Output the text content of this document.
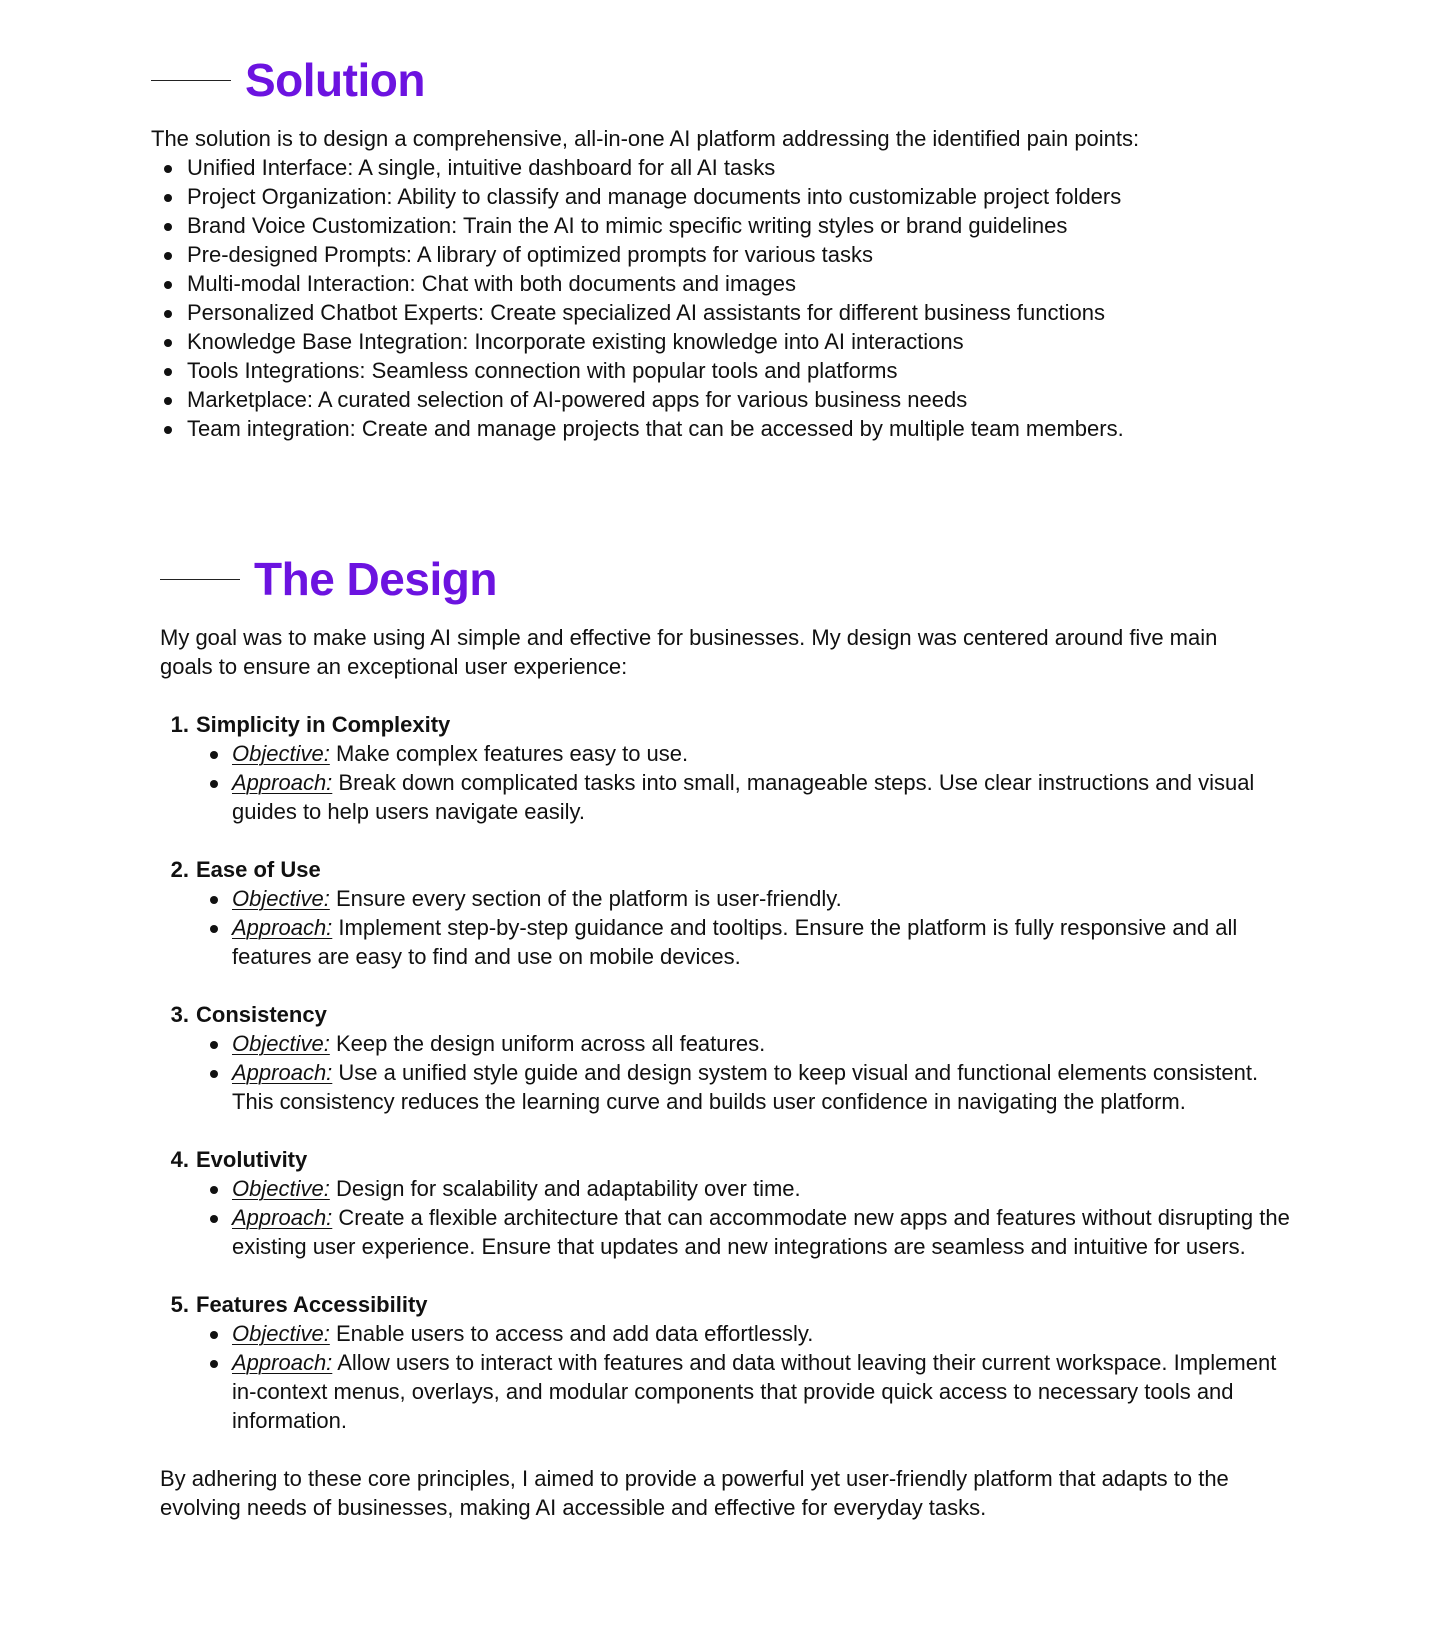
Solution

The solution is to design a comprehensive, all-in-one AI platform addressing the identified pain points:

Unified Interface: A single, intuitive dashboard for all AI tasks
Project Organization: Ability to classify and manage documents into customizable project folders
Brand Voice Customization: Train the AI to mimic specific writing styles or brand guidelines
Pre-designed Prompts: A library of optimized prompts for various tasks
Multi-modal Interaction: Chat with both documents and images
Personalized Chatbot Experts: Create specialized AI assistants for different business functions
Knowledge Base Integration: Incorporate existing knowledge into AI interactions
Tools Integrations: Seamless connection with popular tools and platforms
Marketplace: A curated selection of AI-powered apps for various business needs
Team integration: Create and manage projects that can be accessed by multiple team members.
The Design

My goal was to make using AI simple and effective for businesses. My design was centered around five main goals to ensure an exceptional user experience:

1. Simplicity in Complexity
Objective: Make complex features easy to use.
Approach: Break down complicated tasks into small, manageable steps. Use clear instructions and visual guides to help users navigate easily.
2. Ease of Use
Objective: Ensure every section of the platform is user-friendly.
Approach: Implement step-by-step guidance and tooltips. Ensure the platform is fully responsive and all features are easy to find and use on mobile devices.
3. Consistency
Objective: Keep the design uniform across all features.
Approach: Use a unified style guide and design system to keep visual and functional elements consistent. This consistency reduces the learning curve and builds user confidence in navigating the platform.
4. Evolutivity
Objective: Design for scalability and adaptability over time.
Approach: Create a flexible architecture that can accommodate new apps and features without disrupting the existing user experience. Ensure that updates and new integrations are seamless and intuitive for users.
5. Features Accessibility
Objective: Enable users to access and add data effortlessly.
Approach: Allow users to interact with features and data without leaving their current workspace. Implement in-context menus, overlays, and modular components that provide quick access to necessary tools and information.

By adhering to these core principles, I aimed to provide a powerful yet user-friendly platform that adapts to the evolving needs of businesses, making AI accessible and effective for everyday tasks.
